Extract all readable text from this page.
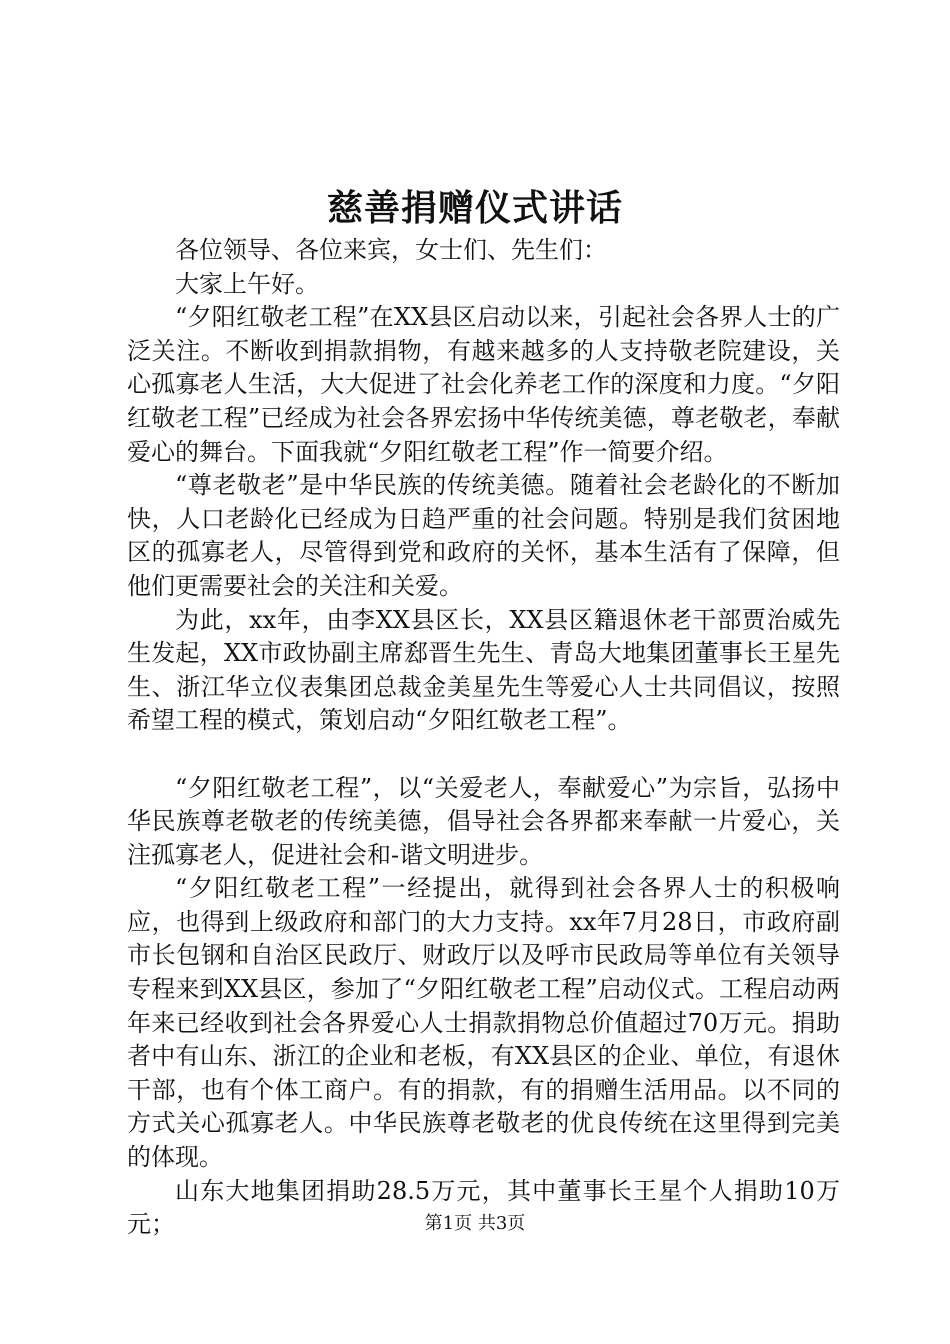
慈善捐赠仪式讲话

各位领导、各位来宾，女士们、先生们：

大家上午好。

“夕阳红敬老工程”在XX县区启动以来，引起社会各界人士的广泛关注。不断收到捐款捐物，有越来越多的人支持敬老院建设，关心孤寡老人生活，大大促进了社会化养老工作的深度和力度。“夕阳红敬老工程”已经成为社会各界宏扬中华传统美德，尊老敬老，奉献爱心的舞台。下面我就“夕阳红敬老工程”作一简要介绍。

“尊老敬老”是中华民族的传统美德。随着社会老龄化的不断加快，人口老龄化已经成为日趋严重的社会问题。特别是我们贫困地区的孤寡老人，尽管得到党和政府的关怀，基本生活有了保障，但他们更需要社会的关注和关爱。

为此，xx年，由李XX县区长，XX县区籍退休老干部贾治威先生发起，XX市政协副主席郄晋生先生、青岛大地集团董事长王星先生、浙江华立仪表集团总裁金美星先生等爱心人士共同倡议，按照希望工程的模式，策划启动“夕阳红敬老工程”。

“夕阳红敬老工程”，以“关爱老人，奉献爱心”为宗旨，弘扬中华民族尊老敬老的传统美德，倡导社会各界都来奉献一片爱心，关注孤寡老人，促进社会和-谐文明进步。

“夕阳红敬老工程”一经提出，就得到社会各界人士的积极响应，也得到上级政府和部门的大力支持。xx年7月28日，市政府副市长包钢和自治区民政厅、财政厅以及呼市民政局等单位有关领导专程来到XX县区，参加了“夕阳红敬老工程”启动仪式。工程启动两年来已经收到社会各界爱心人士捐款捐物总价值超过70万元。捐助者中有山东、浙江的企业和老板，有XX县区的企业、单位，有退休干部，也有个体工商户。有的捐款，有的捐赠生活用品。以不同的方式关心孤寡老人。中华民族尊老敬老的优良传统在这里得到完美的体现。

山东大地集团捐助28.5万元，其中董事长王星个人捐助10万元；	第1页 共3页
